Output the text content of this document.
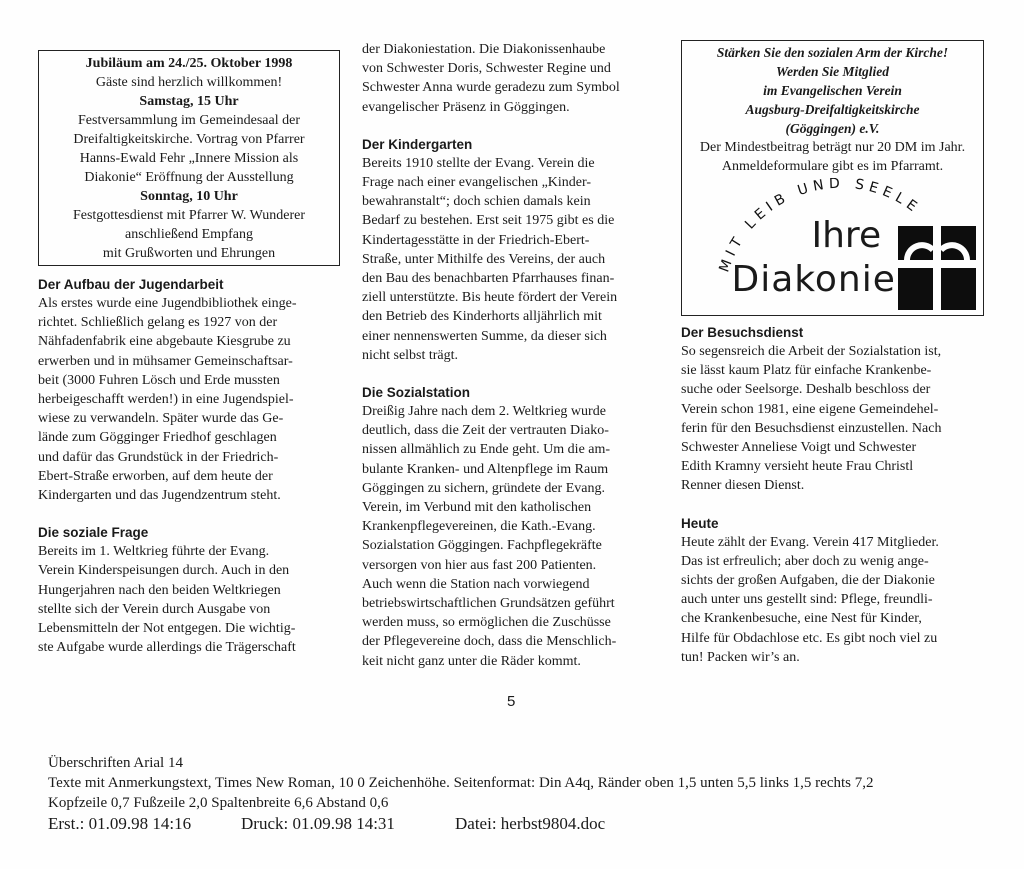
Jubiläum am 24./25. Oktober 1998
Gäste sind herzlich willkommen!
Samstag, 15 Uhr
Festversammlung im Gemeindesaal der
Dreifaltigkeitskirche. Vortrag von Pfarrer
Hanns-Ewald Fehr „Innere Mission als
Diakonie“ Eröffnung der Ausstellung
Sonntag, 10 Uhr
Festgottesdienst mit Pfarrer W. Wunderer
anschließend Empfang
mit Grußworten und Ehrungen
Der Aufbau der Jugendarbeit

Als erstes wurde eine Jugendbibliothek einge-

richtet. Schließlich gelang es 1927 von der

Nähfadenfabrik eine abgebaute Kiesgrube zu

erwerben und in mühsamer Gemeinschaftsar-

beit (3000 Fuhren Lösch und Erde mussten

herbeigeschafft werden!) in eine Jugendspiel-

wiese zu verwandeln. Später wurde das Ge-

lände zum Gögginger Friedhof geschlagen

und dafür das Grundstück in der Friedrich-

Ebert-Straße erworben, auf dem heute der

Kindergarten und das Jugendzentrum steht.

Die soziale Frage

Bereits im 1. Weltkrieg führte der Evang.

Verein Kinderspeisungen durch. Auch in den

Hungerjahren nach den beiden Weltkriegen

stellte sich der Verein durch Ausgabe von

Lebensmitteln der Not entgegen. Die wichtig-

ste Aufgabe wurde allerdings die Trägerschaft

der Diakoniestation. Die Diakonissenhaube

von Schwester Doris, Schwester Regine und

Schwester Anna wurde geradezu zum Symbol

evangelischer Präsenz in Göggingen.

Der Kindergarten

Bereits 1910 stellte der Evang. Verein die

Frage nach einer evangelischen „Kinder-

bewahranstalt“; doch schien damals kein

Bedarf zu bestehen. Erst seit 1975 gibt es die

Kindertagesstätte in der Friedrich-Ebert-

Straße, unter Mithilfe des Vereins, der auch

den Bau des benachbarten Pfarrhauses finan-

ziell unterstützte. Bis heute fördert der Verein

den Betrieb des Kinderhorts alljährlich mit

einer nennenswerten Summe, da dieser sich

nicht selbst trägt.

Die Sozialstation

Dreißig Jahre nach dem 2. Weltkrieg wurde

deutlich, dass die Zeit der vertrauten Diako-

nissen allmählich zu Ende geht. Um die am-

bulante Kranken- und Altenpflege im Raum

Göggingen zu sichern, gründete der Evang.

Verein, im Verbund mit den katholischen

Krankenpflegevereinen, die Kath.-Evang.

Sozialstation Göggingen. Fachpflegekräfte

versorgen von hier aus fast 200 Patienten.

Auch wenn die Station nach vorwiegend

betriebswirtschaftlichen Grundsätzen geführt

werden muss, so ermöglichen die Zuschüsse

der Pflegevereine doch, dass die Menschlich-

keit nicht ganz unter die Räder kommt.

Stärken Sie den sozialen Arm der Kirche!
Werden Sie Mitglied
im Evangelischen Verein
Augsburg-Dreifaltigkeitskirche
(Göggingen) e.V.
Der Mindestbeitrag beträgt nur 20 DM im Jahr.
Anmeldeformulare gibt es im Pfarramt.
MIT LEIB UND SEELE
Ihre
Diakonie
Der Besuchsdienst

So segensreich die Arbeit der Sozialstation ist,

sie lässt kaum Platz für einfache Krankenbe-

suche oder Seelsorge. Deshalb beschloss der

Verein schon 1981, eine eigene Gemeindehel-

ferin für den Besuchsdienst einzustellen. Nach

Schwester Anneliese Voigt und Schwester

Edith Kramny versieht heute Frau Christl

Renner diesen Dienst.

Heute

Heute zählt der Evang. Verein 417 Mitglieder.

Das ist erfreulich; aber doch zu wenig ange-

sichts der großen Aufgaben, die der Diakonie

auch unter uns gestellt sind: Pflege, freundli-

che Krankenbesuche, eine Nest für Kinder,

Hilfe für Obdachlose etc. Es gibt noch viel zu

tun! Packen wir’s an.

5
Überschriften Arial 14
Texte mit Anmerkungstext, Times New Roman, 10 0 Zeichenhöhe. Seitenformat: Din A4q, Ränder oben 1,5 unten 5,5 links 1,5 rechts 7,2
Kopfzeile 0,7 Fußzeile 2,0 Spaltenbreite 6,6 Abstand 0,6
Erst.: 01.09.98 14:16	Druck: 01.09.98 14:31	Datei: herbst9804.doc
